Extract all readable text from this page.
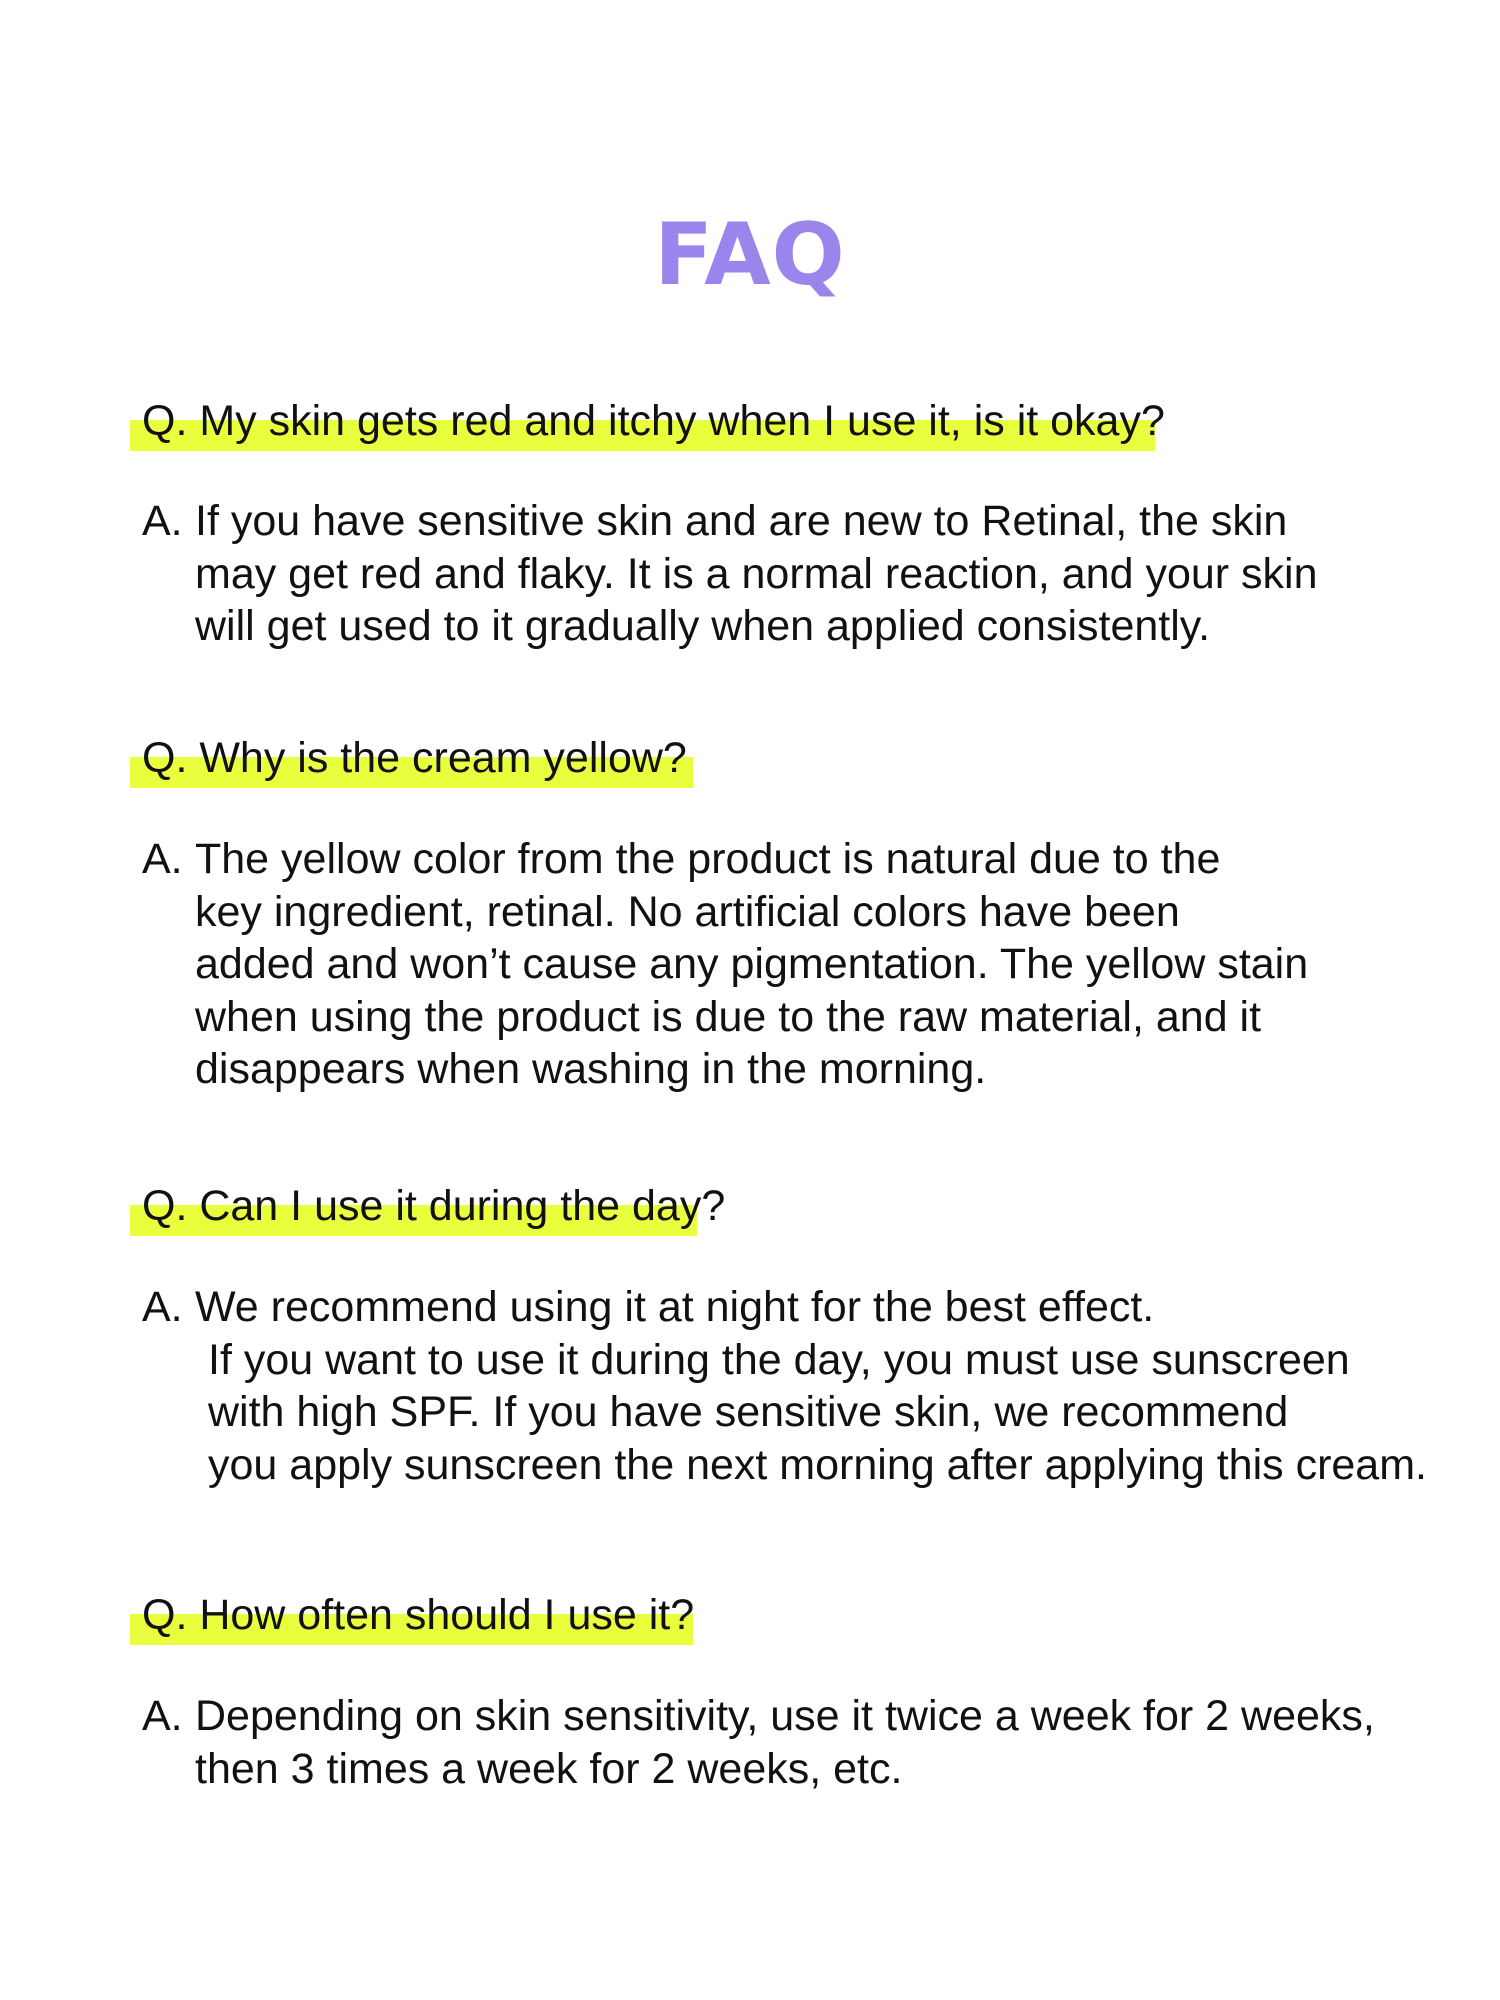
FAQ
Q. My skin gets red and itchy when I use it, is it okay?
A. If you have sensitive skin and are new to Retinal, the skin
may get red and flaky. It is a normal reaction, and your skin
will get used to it gradually when applied consistently.
Q. Why is the cream yellow?
A. The yellow color from the product is natural due to the
key ingredient, retinal. No artificial colors have been
added and won’t cause any pigmentation. The yellow stain
when using the product is due to the raw material, and it
disappears when washing in the morning.
Q. Can I use it during the day?
A. We recommend using it at night for the best effect.
If you want to use it during the day, you must use sunscreen
with high SPF. If you have sensitive skin, we recommend
you apply sunscreen the next morning after applying this cream.
Q. How often should I use it?
A. Depending on skin sensitivity, use it twice a week for 2 weeks,
then 3 times a week for 2 weeks, etc.
